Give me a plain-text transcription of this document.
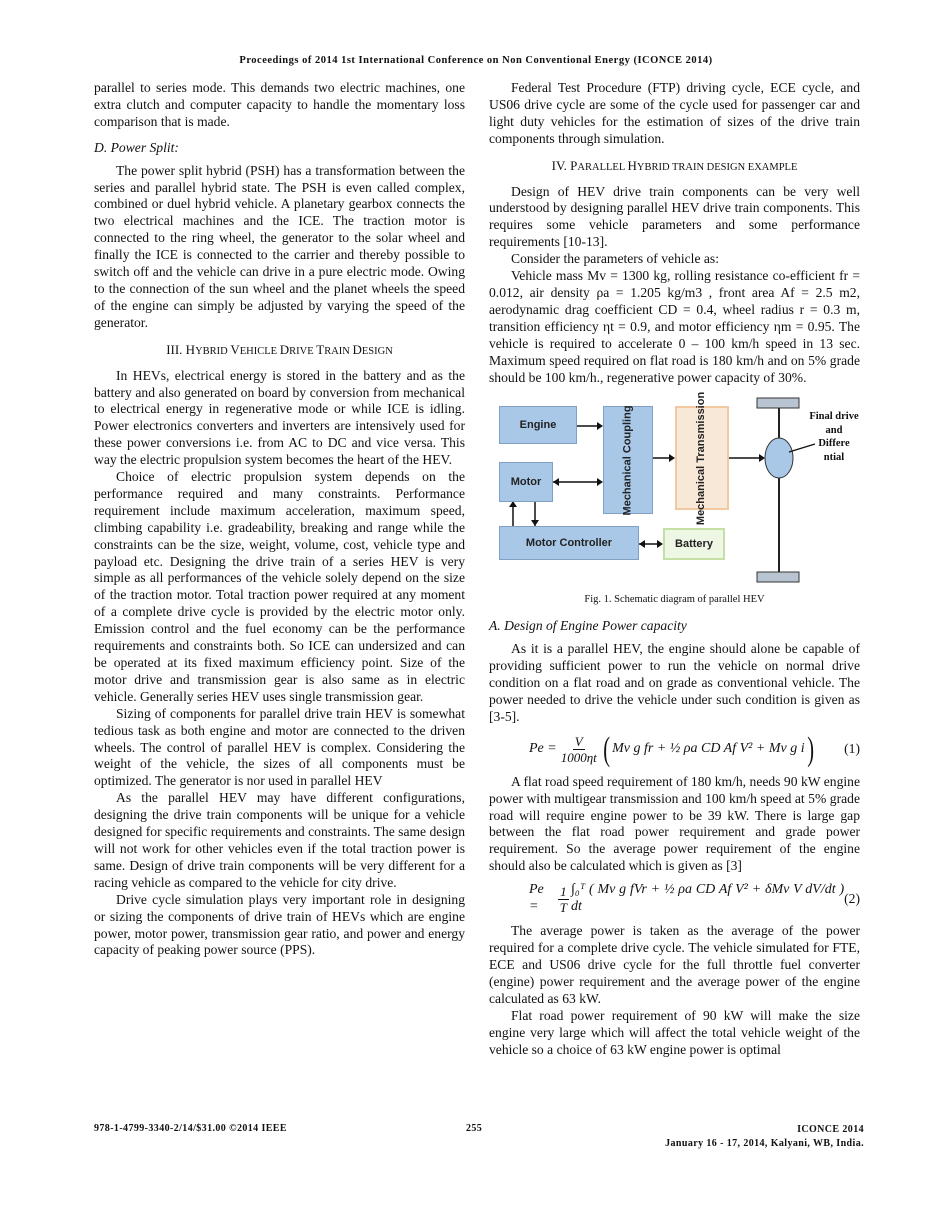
Proceedings of 2014 1st International Conference on Non Conventional Energy (ICONCE 2014)

parallel to series mode. This demands two electric machines, one extra clutch and computer capacity to handle the momentary loss comparison that is made.

D. Power Split:

The power split hybrid (PSH) has a transformation between the series and parallel hybrid state. The PSH is even called complex, combined or duel hybrid vehicle. A planetary gearbox connects the two electrical machines and the ICE. The traction motor is connected to the ring wheel, the generator to the solar wheel and finally the ICE is connected to the carrier and thereby possible to switch off and the vehicle can drive in a pure electric mode. Owing to the connection of the sun wheel and the planet wheels the speed of the engine can simply be adjusted by varying the speed of the generator.

III. HYBRID VEHICLE DRIVE TRAIN DESIGN

In HEVs, electrical energy is stored in the battery and as the battery and also generated on board by conversion from mechanical to electrical energy in regenerative mode or while ICE is idling. Power electronics converters and inverters are intensively used for these power conversions i.e. from AC to DC and vice versa. This way the electric propulsion system becomes the heart of the HEV.

Choice of electric propulsion system depends on the performance required and many constraints. Performance requirement include maximum acceleration, maximum speed, climbing capability i.e. gradeability, breaking and range while the constraints can be the size, weight, volume, cost, vehicle type and payload etc. Designing the drive train of a series HEV is very simple as all performances of the vehicle solely depend on the size of the traction motor. Total traction power required at any moment of a complete drive cycle is provided by the electric motor only. Emission control and the fuel economy can be the performance requirements and constraints both. So ICE can undersized and can be operated at its fixed maximum efficiency point. Size of the motor drive and transmission gear is also same as in electric vehicle. Generally series HEV uses single transmission gear.

Sizing of components for parallel drive train HEV is somewhat tedious task as both engine and motor are connected to the driven wheels. The control of parallel HEV is complex. Considering the weight of the vehicle, the sizes of all components must be optimized. The generator is nor used in parallel HEV

As the parallel HEV may have different configurations, designing the drive train components will be unique for a vehicle designed for specific requirements and constraints. The same design will not work for other vehicles even if the total traction power is same. Design of drive train components will be very different for a racing vehicle as compared to the vehicle for city drive.

Drive cycle simulation plays very important role in designing or sizing the components of drive train of HEVs which are engine power, motor power, transmission gear ratio, and power and energy capacity of peaking power source (PPS).

Federal Test Procedure (FTP) driving cycle, ECE cycle, and US06 drive cycle are some of the cycle used for passenger car and light duty vehicles for the estimation of sizes of the drive train components through simulation.

IV. PARALLEL HYBRID TRAIN DESIGN EXAMPLE

Design of HEV drive train components can be very well understood by designing parallel HEV drive train components. This requires some vehicle parameters and some performance requirements [10-13].

Consider the parameters of vehicle as:

Vehicle mass Mv = 1300 kg, rolling resistance co-efficient fr = 0.012, air density ρa = 1.205 kg/m3 , front area Af = 2.5 m2, aerodynamic drag coefficient CD = 0.4, wheel radius r = 0.3 m, transition efficiency ηt = 0.9, and motor efficiency ηm = 0.95. The vehicle is required to accelerate 0 – 100 km/h speed in 13 sec. Maximum speed required on flat road is 180 km/h and on 5% grade should be 100 km/h., regenerative power capacity of 30%.

Engine
Motor	Mechanical Coupling	Mechanical Transmission
Motor Controller	Battery
Final drive and Differe ntial
Fig. 1. Schematic diagram of parallel HEV
A. Design of Engine Power capacity

As it is a parallel HEV, the engine should alone be capable of providing sufficient power to run the vehicle on normal drive condition on a flat road and on grade as conventional vehicle. The power needed to drive the vehicle under such condition is given as [3-5].

$Pe = \frac{V}{1000\eta t}$ ( Mv g fr + ½ ρa CD Af V² + Mv g i ) (1)

A flat road speed requirement of 180 km/h, needs 90 kW engine power with multigear transmission and 100 km/h speed at 5% grade road will require engine power to be 39 kW. There is large gap between the flat road power requirement and grade power requirement. So the average power requirement of the engine should also be calculated which is given as [3]

Pe =	$\frac{1}{T}$ ∫₀ᵀ ( Mv g fVr + ½ ρa CD Af V² + δMv V dV/dt ) dt
(2)

The average power is taken as the average of the power required for a complete drive cycle. The vehicle simulated for FTE, ECE and US06 drive cycle for the full throttle fuel converter (engine) power requirement and the average power of the engine calculated as 63 kW.

Flat road power requirement of 90 kW will make the size engine very large which will affect the total vehicle weight of the vehicle so a choice of 63 kW engine power is optimal

978-1-4799-3340-2/14/$31.00 ©2014 IEEE	255	ICONCE 2014
January 16 - 17, 2014, Kalyani, WB, India.
